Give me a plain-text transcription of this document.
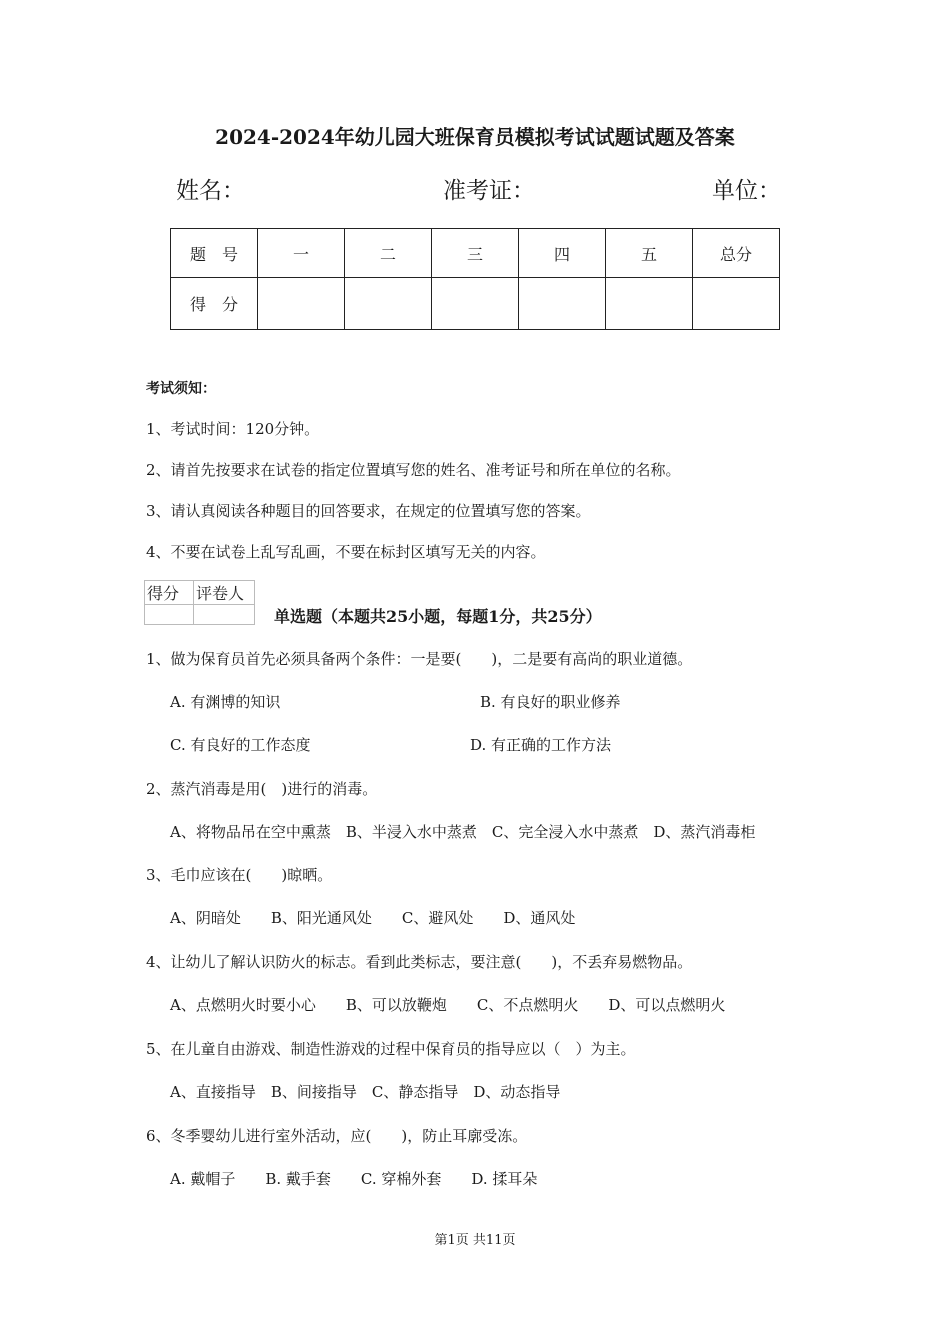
2024-2024年幼儿园大班保育员模拟考试试题试题及答案
姓名：	准考证：	单位：
题　号	一	二	三	四	五	总分
得　分						
考试须知：
1、考试时间：120分钟。
2、请首先按要求在试卷的指定位置填写您的姓名、准考证号和所在单位的名称。
3、请认真阅读各种题目的回答要求，在规定的位置填写您的答案。
4、不要在试卷上乱写乱画，不要在标封区填写无关的内容。
得分	评卷人

单选题（本题共25小题，每题1分，共25分）
1、做为保育员首先必须具备两个条件：一是要(　　)，二是要有高尚的职业道德。
A. 有渊博的知识	B. 有良好的职业修养
C. 有良好的工作态度	D. 有正确的工作方法
2、蒸汽消毒是用(　)进行的消毒。
A、将物品吊在空中熏蒸　B、半浸入水中蒸煮　C、完全浸入水中蒸煮　D、蒸汽消毒柜
3、毛巾应该在(　　)晾晒。
A、阴暗处　　B、阳光通风处　　C、避风处　　D、通风处
4、让幼儿了解认识防火的标志。看到此类标志，要注意(　　)，不丢弃易燃物品。
A、点燃明火时要小心　　B、可以放鞭炮　　C、不点燃明火　　D、可以点燃明火
5、在儿童自由游戏、制造性游戏的过程中保育员的指导应以（　）为主。
A、直接指导　B、间接指导　C、静态指导　D、动态指导
6、冬季婴幼儿进行室外活动，应(　　)，防止耳廓受冻。
A. 戴帽子　　B. 戴手套　　C. 穿棉外套　　D. 揉耳朵
第1页 共11页
